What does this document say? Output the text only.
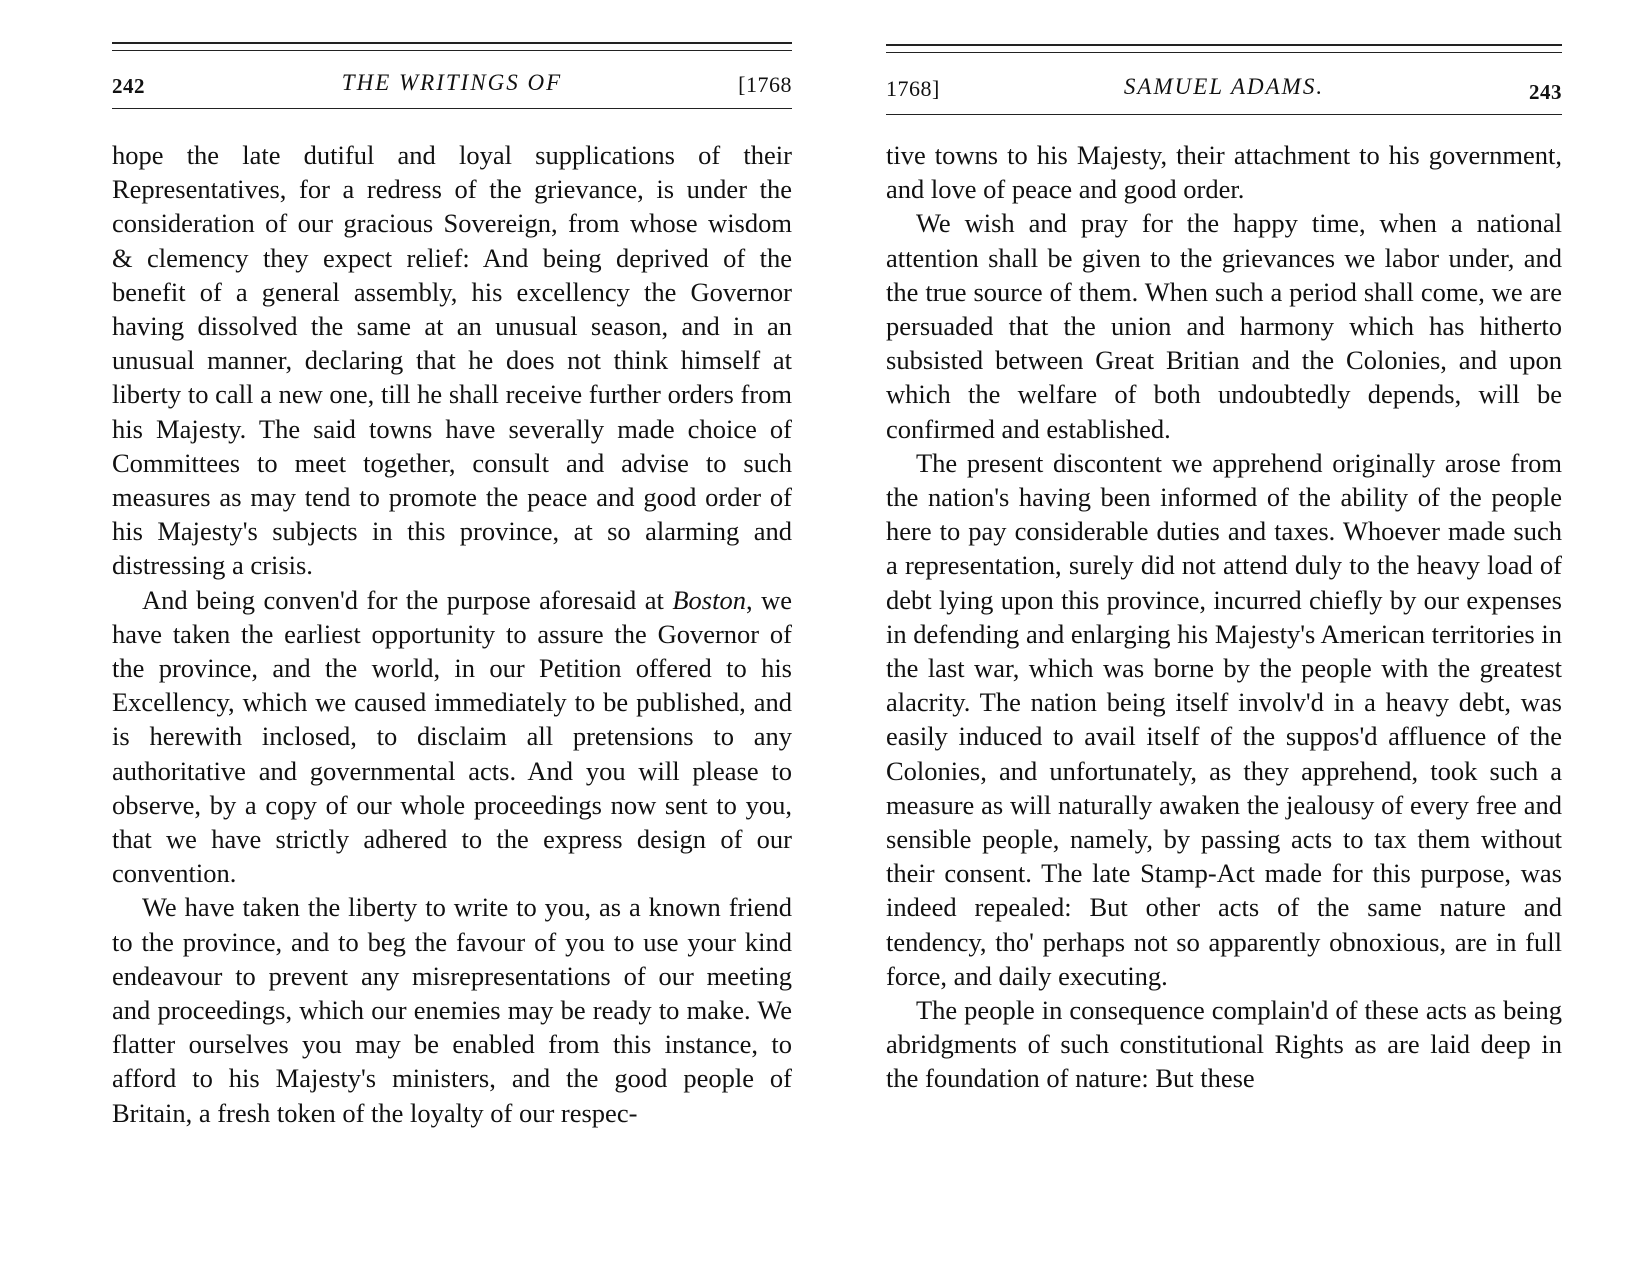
242	THE WRITINGS OF	[1768

hope the late dutiful and loyal supplications of their Representatives, for a redress of the grievance, is under the consideration of our gracious Sovereign, from whose wisdom & clemency they expect relief: And being deprived of the benefit of a general assembly, his excellency the Governor having dissolved the same at an unusual season, and in an unusual manner, declaring that he does not think himself at liberty to call a new one, till he shall receive further orders from his Majesty. The said towns have severally made choice of Committees to meet together, consult and advise to such measures as may tend to promote the peace and good order of his Majesty's subjects in this province, at so alarming and distressing a crisis.

And being conven'd for the purpose aforesaid at Boston, we have taken the earliest opportunity to assure the Governor of the province, and the world, in our Petition offered to his Excellency, which we caused immediately to be published, and is herewith inclosed, to disclaim all pretensions to any authoritative and governmental acts. And you will please to observe, by a copy of our whole proceedings now sent to you, that we have strictly adhered to the express design of our convention.

We have taken the liberty to write to you, as a known friend to the province, and to beg the favour of you to use your kind endeavour to prevent any misrepresentations of our meeting and proceedings, which our enemies may be ready to make. We flatter ourselves you may be enabled from this instance, to afford to his Majesty's ministers, and the good people of Britain, a fresh token of the loyalty of our respec-

1768]	SAMUEL ADAMS.	243

tive towns to his Majesty, their attachment to his government, and love of peace and good order.

We wish and pray for the happy time, when a national attention shall be given to the grievances we labor under, and the true source of them. When such a period shall come, we are persuaded that the union and harmony which has hitherto subsisted between Great Britian and the Colonies, and upon which the welfare of both undoubtedly depends, will be confirmed and established.

The present discontent we apprehend originally arose from the nation's having been informed of the ability of the people here to pay considerable duties and taxes. Whoever made such a representation, surely did not attend duly to the heavy load of debt lying upon this province, incurred chiefly by our expenses in defending and enlarging his Majesty's American territories in the last war, which was borne by the people with the greatest alacrity. The nation being itself involv'd in a heavy debt, was easily induced to avail itself of the suppos'd affluence of the Colonies, and unfortunately, as they apprehend, took such a measure as will naturally awaken the jealousy of every free and sensible people, namely, by passing acts to tax them without their consent. The late Stamp-Act made for this purpose, was indeed repealed: But other acts of the same nature and tendency, tho' perhaps not so apparently obnoxious, are in full force, and daily executing.

The people in consequence complain'd of these acts as being abridgments of such constitutional Rights as are laid deep in the foundation of nature: But these
